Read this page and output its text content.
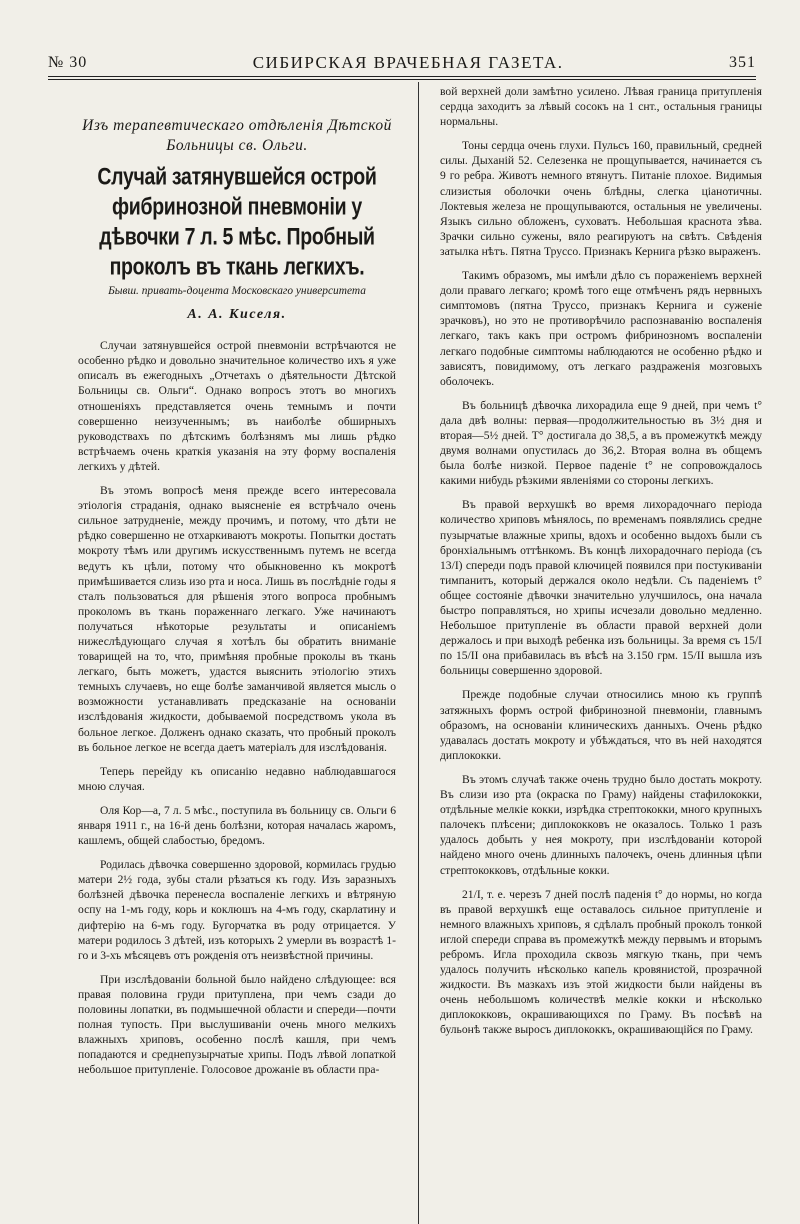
№ 30	СИБИРСКАЯ ВРАЧЕБНАЯ ГАЗЕТА.	351
Изъ терапевтическаго отдѣленія Дѣтской Больницы св. Ольги.
Случай затянувшейся острой фибринозной пневмоніи у дѣвочки 7 л. 5 мѣс. Пробный проколъ въ ткань легкихъ.
Бывш. привать-доцента Московскаго университета
А. А. Киселя.

Случаи затянувшейся острой пневмоніи встрѣчаются не особенно рѣдко и довольно значительное количество ихъ я уже описалъ въ ежегодныхъ „Отчетахъ о дѣятельности Дѣтской Больницы св. Ольги“. Однако вопросъ этотъ во многихъ отношеніяхъ представляется очень темнымъ и почти совершенно неизученнымъ; въ наиболѣе обширныхъ руководствахъ по дѣтскимъ болѣзнямъ мы лишь рѣдко встрѣчаемъ очень краткія указанія на эту форму воспаленія легкихъ у дѣтей.

Въ этомъ вопросѣ меня прежде всего интересовала этіологія страданія, однако выясненіе ея встрѣчало очень сильное затрудненіе, между прочимъ, и потому, что дѣти не рѣдко совершенно не отхаркиваютъ мокроты. Попытки достать мокроту тѣмъ или другимъ искусственнымъ путемъ не всегда ведутъ къ цѣли, потому что обыкновенно къ мокротѣ примѣшивается слизь изо рта и носа. Лишь въ послѣдніе годы я сталъ пользоваться для рѣшенія этого вопроса пробнымъ проколомъ въ ткань пораженнаго легкаго. Уже начинаютъ получаться нѣкоторые результаты и описаніемъ нижеслѣдующаго случая я хотѣлъ бы обратить вниманіе товарищей на то, что, примѣняя пробные проколы въ ткань легкаго, быть можетъ, удастся выяснить этіологію этихъ темныхъ случаевъ, но еще болѣе заманчивой является мысль о возможности устанавливать предсказаніе на основаніи изслѣдованія жидкости, добываемой посредствомъ укола въ больное легкое. Долженъ однако сказать, что пробный проколъ въ больное легкое не всегда даетъ матеріалъ для изслѣдованія.

Теперь перейду къ описанію недавно наблюдавшагося мною случая.

Оля Кор—а, 7 л. 5 мѣс., поступила въ больницу св. Ольги 6 января 1911 г., на 16-й день болѣзни, которая началась жаромъ, кашлемъ, общей слабостью, бредомъ.

Родилась дѣвочка совершенно здоровой, кормилась грудью матери 2½ года, зубы стали рѣзаться къ году. Изъ заразныхъ болѣзней дѣвочка перенесла воспаленіе легкихъ и вѣтряную оспу на 1-мъ году, корь и коклюшъ на 4-мъ году, скарлатину и дифтерію на 6-мъ году. Бугорчатка въ роду отрицается. У матери родилось 3 дѣтей, изъ которыхъ 2 умерли въ возрастѣ 1-го и 3-хъ мѣсяцевъ отъ рожденія отъ неизвѣстной причины.

При изслѣдованіи больной было найдено слѣдующее: вся правая половина груди притуплена, при чемъ сзади до половины лопатки, въ подмышечной области и спереди—почти полная тупость. При выслушиваніи очень много мелкихъ влажныхъ хриповъ, особенно послѣ кашля, при чемъ попадаются и среднепузырчатые хрипы. Подъ лѣвой лопаткой небольшое притупленіе. Голосовое дрожаніе въ области пра-

вой верхней доли замѣтно усилено. Лѣвая граница притупленія сердца заходитъ за лѣвый сосокъ на 1 снт., остальныя границы нормальны.

Тоны сердца очень глухи. Пульсъ 160, правильный, средней силы. Дыханій 52. Селезенка не прощупывается, начинается съ 9 го ребра. Животъ немного втянутъ. Питаніе плохое. Видимыя слизистыя оболочки очень блѣдны, слегка ціанотичны. Локтевыя железа не прощупываются, остальныя не увеличены. Языкъ сильно обложенъ, суховатъ. Небольшая краснота зѣва. Зрачки сильно сужены, вяло реагируютъ на свѣтъ. Свѣденія затылка нѣтъ. Пятна Труссо. Признакъ Кернига рѣзко выраженъ.

Такимъ образомъ, мы имѣли дѣло съ пораженіемъ верхней доли праваго легкаго; кромѣ того еще отмѣченъ рядъ нервныхъ симптомовъ (пятна Труссо, признакъ Кернига и суженіе зрачковъ), но это не противорѣчило распознаванію воспаленія легкаго, такъ какъ при остромъ фибринозномъ воспаленіи легкаго подобные симптомы наблюдаются не особенно рѣдко и зависятъ, повидимому, отъ легкаго раздраженія мозговыхъ оболочекъ.

Въ больницѣ дѣвочка лихорадила еще 9 дней, при чемъ t° дала двѣ волны: первая—продолжительностью въ 3½ дня и вторая—5½ дней. T° достигала до 38,5, а въ промежуткѣ между двумя волнами опустилась до 36,2. Вторая волна въ общемъ была болѣе низкой. Первое паденіе t° не сопровождалось какими нибудь рѣзкими явленіями со стороны легкихъ.

Въ правой верхушкѣ во время лихорадочнаго періода количество хриповъ мѣнялось, по временамъ появлялись средне пузырчатые влажные хрипы, вдохъ и особенно выдохъ были съ бронхіальнымъ оттѣнкомъ. Въ концѣ лихорадочнаго періода (съ 13/I) спереди подъ правой ключицей появился при постукиваніи тимпанитъ, который держался около недѣли. Съ паденіемъ t° общее состояніе дѣвочки значительно улучшилось, она начала быстро поправляться, но хрипы исчезали довольно медленно. Небольшое притупленіе въ области правой верхней доли держалось и при выходѣ ребенка изъ больницы. За время съ 15/I по 15/II она прибавилась въ вѣсѣ на 3.150 грм. 15/II вышла изъ больницы совершенно здоровой.

Прежде подобные случаи относились мною къ группѣ затяжныхъ формъ острой фибринозной пневмоніи, главнымъ образомъ, на основаніи клиническихъ данныхъ. Очень рѣдко удавалась достать мокроту и убѣждаться, что въ ней находятся диплококки.

Въ этомъ случаѣ также очень трудно было достать мокроту. Въ слизи изо рта (окраска по Граму) найдены стафилококки, отдѣльные мелкіе кокки, изрѣдка стрептококки, много крупныхъ палочекъ плѣсени; диплококковъ не оказалось. Только 1 разъ удалось добыть у нея мокроту, при изслѣдованіи которой найдено много очень длинныхъ палочекъ, очень длинныя цѣпи стрептококковъ, отдѣльные кокки.

21/I, т. е. черезъ 7 дней послѣ паденія t° до нормы, но когда въ правой верхушкѣ еще оставалось сильное притупленіе и немного влажныхъ хриповъ, я сдѣлалъ пробный проколъ тонкой иглой спереди справа въ промежуткѣ между первымъ и вторымъ ребромъ. Игла проходила сквозь мягкую ткань, при чемъ удалось получить нѣсколько капель кровянистой, прозрачной жидкости. Въ мазкахъ изъ этой жидкости были найдены въ очень небольшомъ количествѣ мелкіе кокки и нѣсколько диплококковъ, окрашивающихся по Граму. Въ посѣвѣ на бульонѣ также выросъ диплококкъ, окрашивающійся по Граму.
